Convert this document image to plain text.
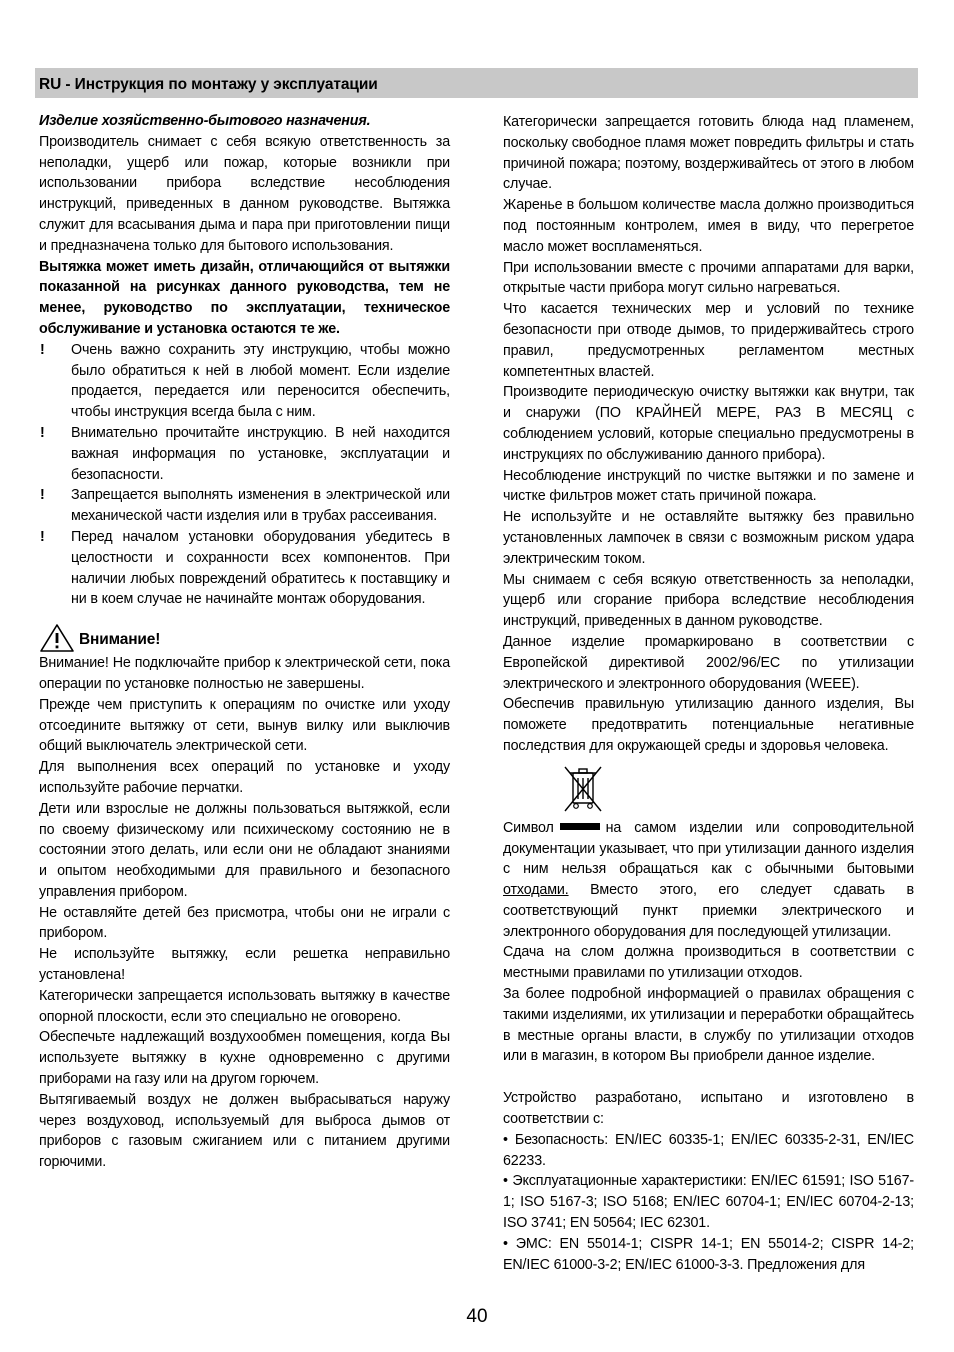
RU - Инструкция по монтажу у эксплуатации

Изделие хозяйственно-бытового назначения.

Производитель снимает с себя всякую ответственность за неполадки, ущерб или пожар, которые возникли при использовании прибора вследствие несоблюдения инструкций, приведенных в данном руководстве. Вытяжка служит для всасывания дыма и пара при приготовлении пищи и предназначена только для бытового использования.

Вытяжка может иметь дизайн, отличающийся от вытяжки показанной на рисунках данного руководства, тем не менее, руководство по эксплуатации, техническое обслуживание и установка остаются те же.

!	Очень важно сохранить эту инструкцию, чтобы можно было обратиться к ней в любой момент. Если изделие продается, передается или переносится обеспечить, чтобы инструкция всегда была с ним.
!	Внимательно прочитайте инструкцию. В ней находится важная информация по установке, эксплуатации и безопасности.
!	Запрещается выполнять изменения в электрической или механической части изделия или в трубах рассеивания.
!	Перед началом установки оборудования убедитесь в целостности и сохранности всех компонентов. При наличии любых повреждений обратитесь к поставщику и ни в коем случае не начинайте монтаж оборудования.
Внимание!

Внимание! Не подключайте прибор к электрической сети, пока операции по установке полностью не завершены.

Прежде чем приступить к операциям по очистке или уходу отсоедините вытяжку от сети, вынув вилку или выключив общий выключатель электрической сети.

Для выполнения всех операций по установке и уходу используйте рабочие перчатки.

Дети или взрослые не должны пользоваться вытяжкой, если по своему физическому или психическому состоянию не в состоянии этого делать, или если они не обладают знаниями и опытом необходимыми для правильного и безопасного управления прибором.

Не оставляйте детей без присмотра, чтобы они не играли с прибором.

Не используйте вытяжку, если решетка неправильно установлена!

Категорически запрещается использовать вытяжку в качестве опорной плоскости, если это специально не оговорено.

Обеспечьте надлежащий воздухообмен помещения, когда Вы используете вытяжку в кухне одновременно с другими приборами на газу или на другом горючем.

Вытягиваемый воздух не должен выбрасываться наружу через воздуховод, используемый для выброса дымов от приборов с газовым сжиганием или с питанием другими горючими.

Категорически запрещается готовить блюда над пламенем, поскольку свободное пламя может повредить фильтры и стать причиной пожара; поэтому, воздерживайтесь от этого в любом случае.

Жаренье в большом количестве масла должно производиться под постоянным контролем, имея в виду, что перегретое масло может воспламеняться.

При использовании вместе с прочими аппаратами для варки, открытые части прибора могут сильно нагреваться.

Что касается технических мер и условий по технике безопасности при отводе дымов, то придерживайтесь строго правил, предусмотренных регламентом местных компетентных властей.

Производите периодическую очистку вытяжки как внутри, так и снаружи (ПО КРАЙНЕЙ МЕРЕ, РАЗ В МЕСЯЦ с соблюдением условий, которые специально предусмотрены в инструкциях по обслуживанию данного прибора).

Несоблюдение инструкций по чистке вытяжки и по замене и чистке фильтров может стать причиной пожара.

Не используйте и не оставляйте вытяжку без правильно установленных лампочек в связи с возможным риском удара электрическим током.

Мы снимаем с себя всякую ответственность за неполадки, ущерб или сгорание прибора вследствие несоблюдения инструкций, приведенных в данном руководстве.

Данное изделие промаркировано в соответствии с Европейской директивой 2002/96/EC по утилизации электрического и электронного оборудования (WEEE).

Обеспечив правильную утилизацию данного изделия, Вы поможете предотвратить потенциальные негативные последствия для окружающей среды и здоровья человека.

Символ	на самом изделии или сопроводительной документации указывает, что при утилизации данного изделия с ним нельзя обращаться как с обычными бытовыми отходами. Вместо этого, его следует сдавать в соответствующий пункт приемки электрического и электронного оборудования для последующей утилизации.

Сдача на слом должна производиться в соответствии с местными правилами по утилизации отходов.

За более подробной информацией о правилах обращения с такими изделиями, их утилизации и переработки обращайтесь в местные органы власти, в службу по утилизации отходов или в магазин, в котором Вы приобрели данное изделие.

Устройство разработано, испытано и изготовлено в соответствии с:

• Безопасность: EN/IEC 60335-1; EN/IEC 60335-2-31, EN/IEC 62233.

• Эксплуатационные характеристики: EN/IEC 61591; ISO 5167-1; ISO 5167-3; ISO 5168; EN/IEC 60704-1; EN/IEC 60704-2-13; ISO 3741; EN 50564; IEC 62301.

• ЭМС: EN 55014-1; CISPR 14-1; EN 55014-2; CISPR 14-2; EN/IEC 61000-3-2; EN/IEC 61000-3-3. Предложения для

40
